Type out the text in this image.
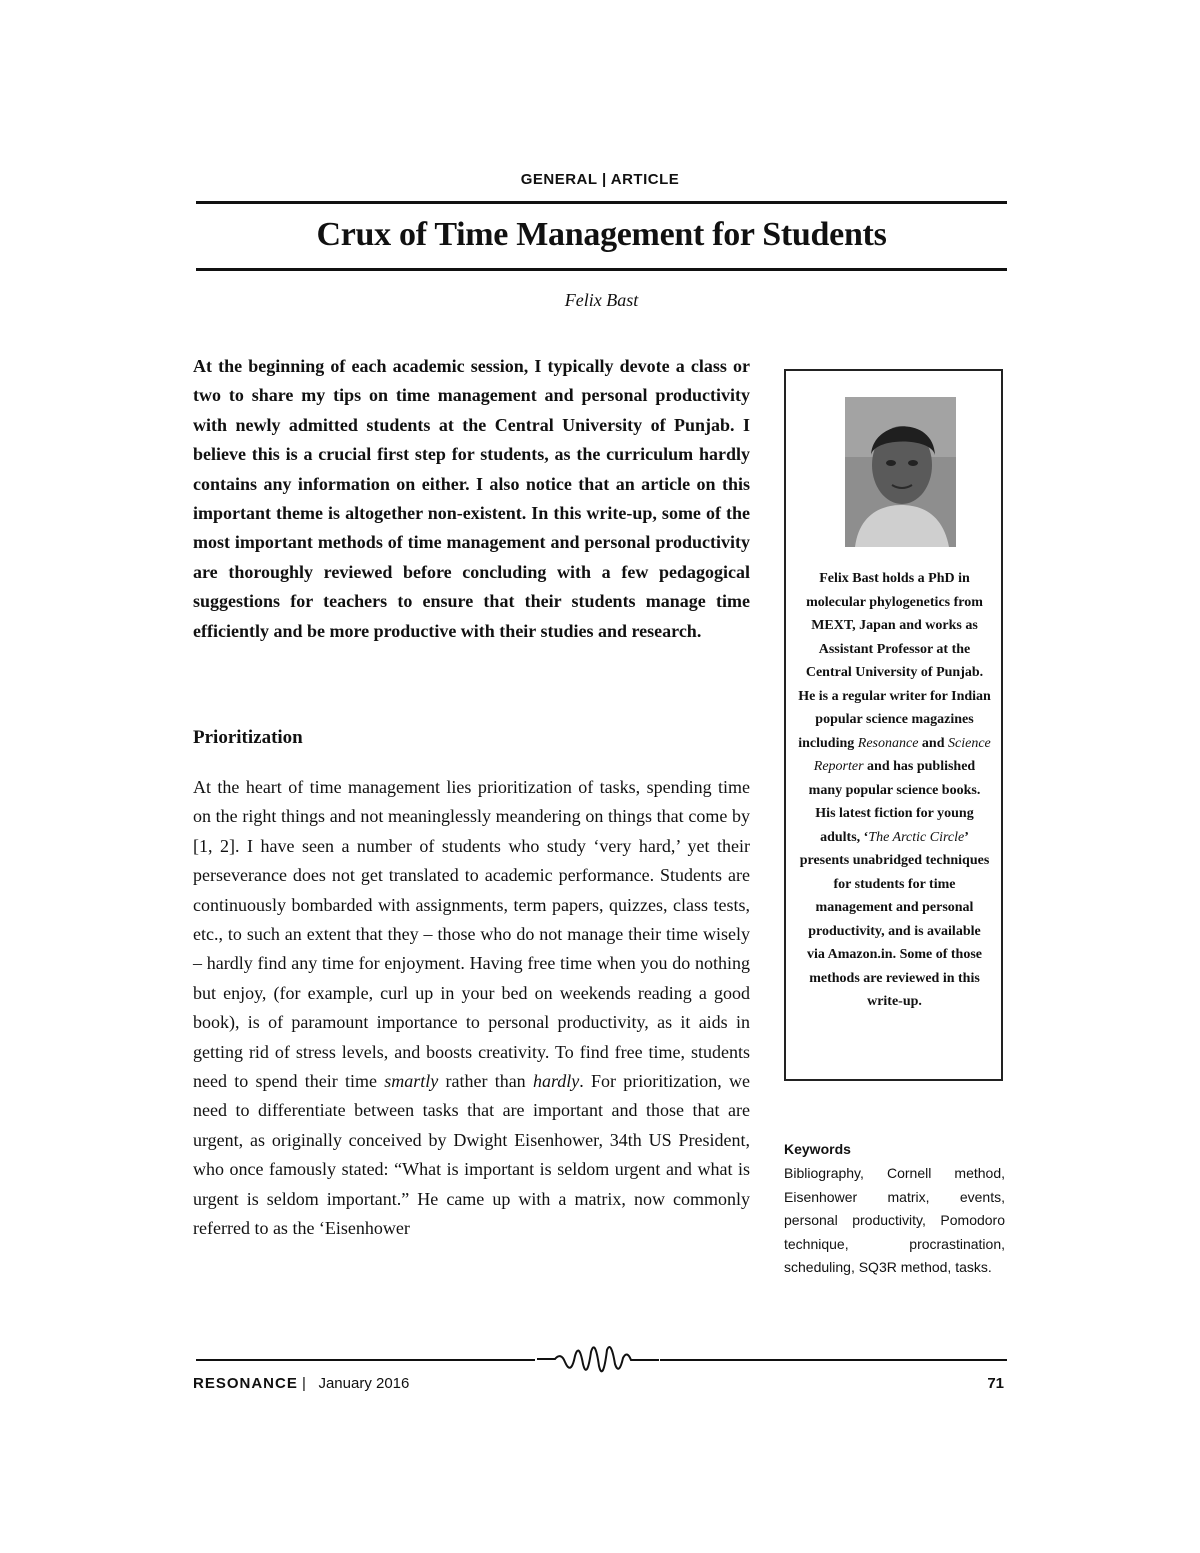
GENERAL | ARTICLE
Crux of Time Management for Students
Felix Bast

At the beginning of each academic session, I typically devote a class or two to share my tips on time management and personal productivity with newly admitted students at the Central University of Punjab. I believe this is a crucial first step for students, as the curriculum hardly contains any information on either. I also notice that an article on this important theme is altogether non-existent. In this write-up, some of the most important methods of time management and personal productivity are thoroughly reviewed before concluding with a few pedagogical suggestions for teachers to ensure that their students manage time efficiently and be more productive with their studies and research.

Prioritization

At the heart of time management lies prioritization of tasks, spending time on the right things and not meaninglessly meandering on things that come by [1, 2]. I have seen a number of students who study ‘very hard,’ yet their perseverance does not get translated to academic performance. Students are continuously bombarded with assignments, term papers, quizzes, class tests, etc., to such an extent that they – those who do not manage their time wisely – hardly find any time for enjoyment. Having free time when you do nothing but enjoy, (for example, curl up in your bed on weekends reading a good book), is of paramount importance to personal productivity, as it aids in getting rid of stress levels, and boosts creativity. To find free time, students need to spend their time smartly rather than hardly. For prioritization, we need to differentiate between tasks that are important and those that are urgent, as originally conceived by Dwight Eisenhower, 34th US President, who once famously stated: “What is important is seldom urgent and what is urgent is seldom important.” He came up with a matrix, now commonly referred to as the ‘Eisenhower

Felix Bast holds a PhD in molecular phylogenetics from MEXT, Japan and works as Assistant Professor at the Central University of Punjab. He is a regular writer for Indian popular science magazines including Resonance and Science Reporter and has published many popular science books. His latest fiction for young adults, ‘The Arctic Circle’ presents unabridged techniques for students for time management and personal productivity, and is available via Amazon.in. Some of those methods are reviewed in this write-up.
Keywords
Bibliography, Cornell method, Eisenhower matrix, events, personal productivity, Pomodoro technique, procrastination, scheduling, SQ3R method, tasks.
RESONANCE | January 2016	71
